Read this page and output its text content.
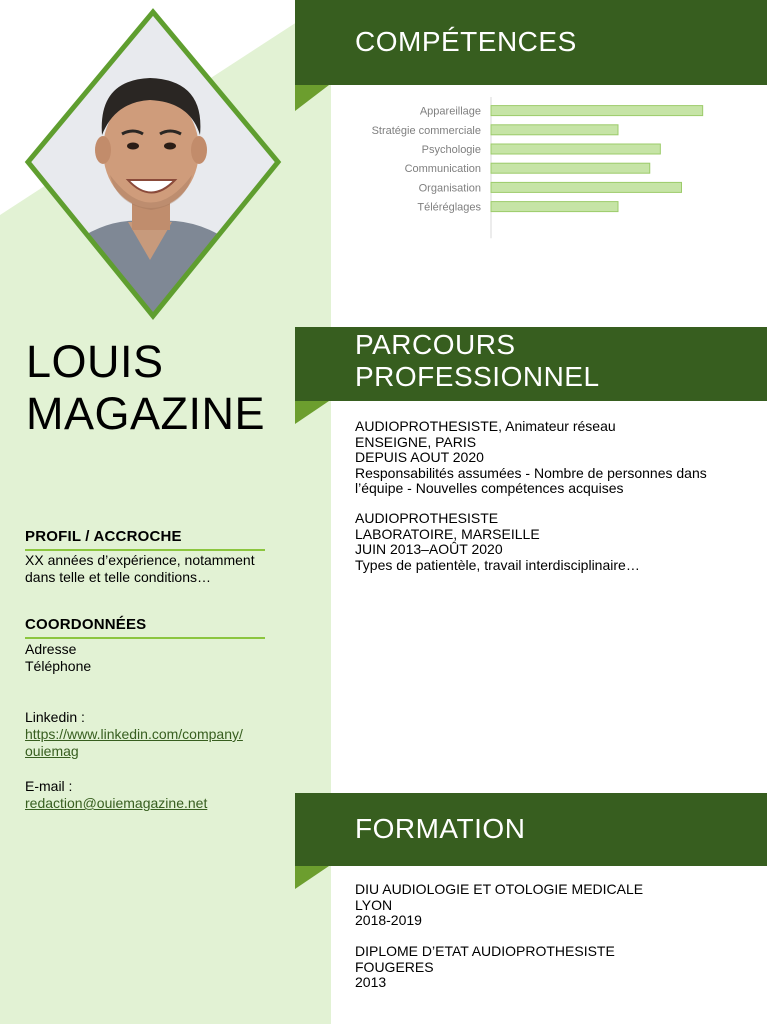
LOUIS
MAGAZINE
PROFIL / ACCROCHE
XX années d’expérience, notamment
dans telle et telle conditions…
COORDONNÉES
Adresse
Téléphone
Linkedin :
https://www.linkedin.com/company/
ouiemag
E-mail :
redaction@ouiemagazine.net
COMPÉTENCES
Appareillage
Stratégie commerciale
Psychologie
Communication
Organisation
Téléréglages
PARCOURS
PROFESSIONNEL
AUDIOPROTHESISTE, Animateur réseau
ENSEIGNE, PARIS
DEPUIS AOUT 2020
Responsabilités assumées - Nombre de personnes dans
l’équipe - Nouvelles compétences acquises
AUDIOPROTHESISTE
LABORATOIRE, MARSEILLE
JUIN 2013–AOÛT 2020
Types de patientèle, travail interdisciplinaire…
FORMATION
DIU AUDIOLOGIE ET OTOLOGIE MEDICALE
LYON
2018-2019
DIPLOME D’ETAT AUDIOPROTHESISTE
FOUGERES
2013
